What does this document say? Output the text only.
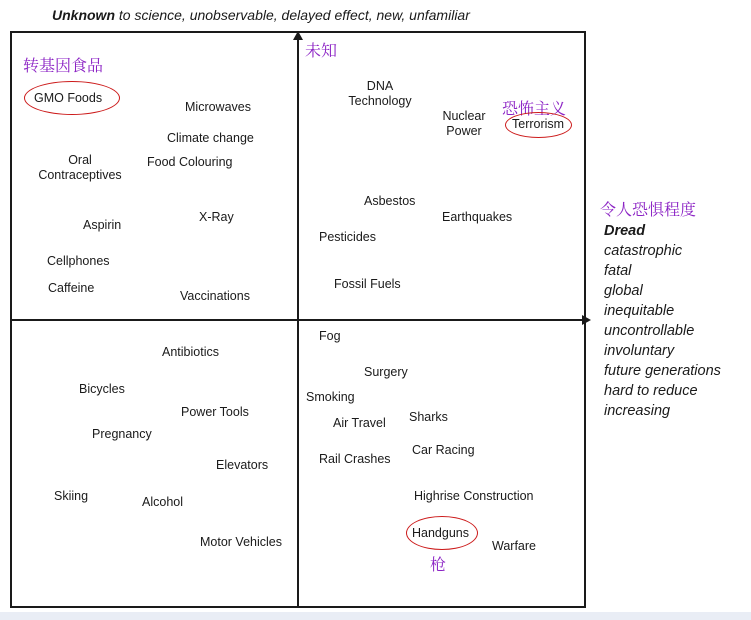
Unknown to science, unobservable, delayed effect, new, unfamiliar
转基因食品
未知
恐怖主义
令人恐惧程度
枪
GMO Foods
Microwaves
Climate change
Oral
Contraceptives
Food Colouring
Aspirin
X-Ray
Cellphones
Caffeine
Vaccinations
DNA
Technology
Nuclear
Power	Terrorism
Asbestos
Earthquakes
Pesticides
Fossil Fuels
Antibiotics
Bicycles
Power Tools
Pregnancy
Elevators
Skiing	Alcohol
Motor Vehicles
Fog
Surgery
Smoking
Air Travel Sharks
Car Racing
Rail Crashes
Highrise Construction
Handguns
Warfare
Dread
catastrophic
fatal
global
inequitable
uncontrollable
involuntary
future generations
hard to reduce
increasing
